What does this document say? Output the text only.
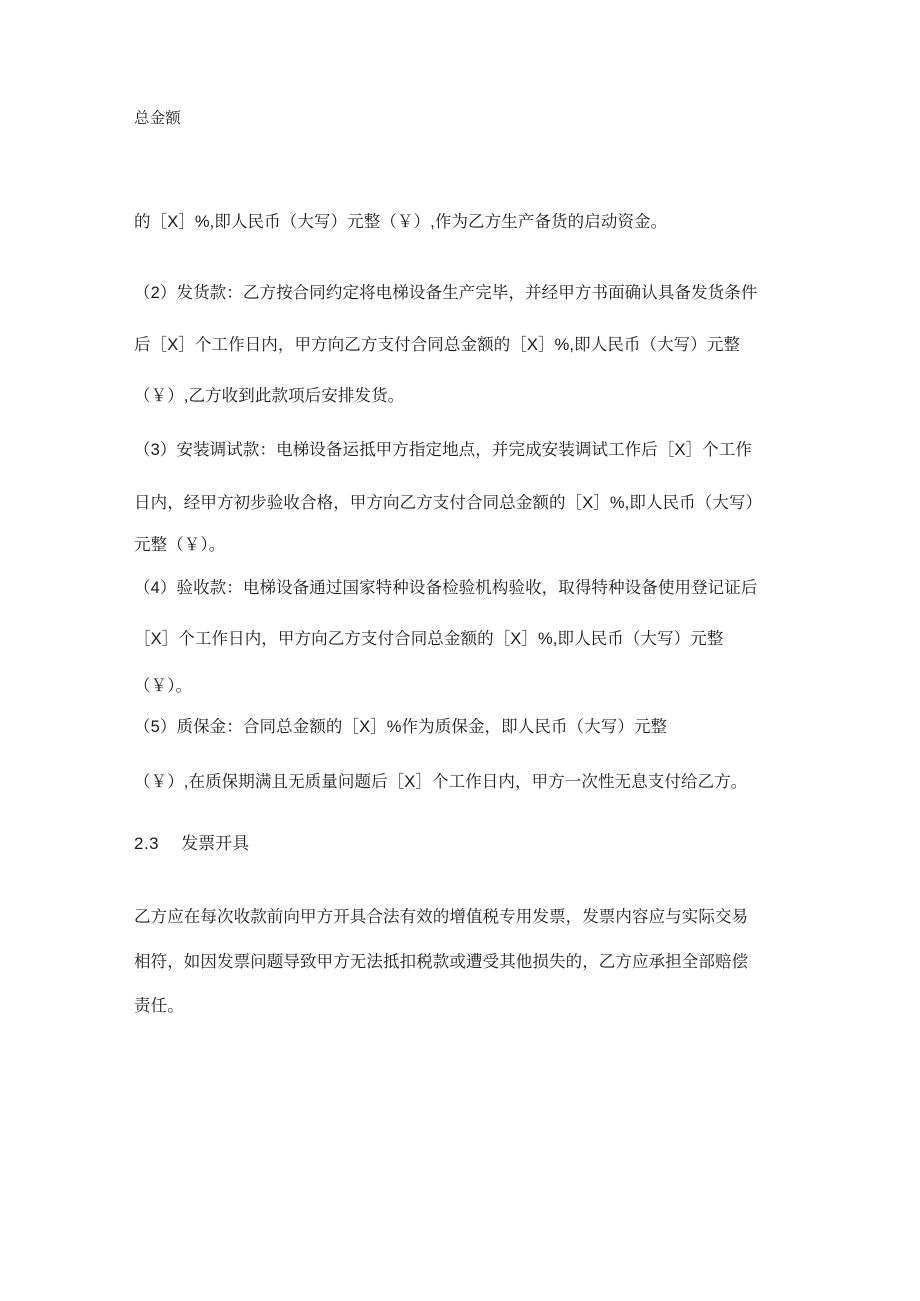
总金额
的［X］%,即人民币（大写）元整（￥）,作为乙方生产备货的启动资金。
（2）发货款：乙方按合同约定将电梯设备生产完毕，并经甲方书面确认具备发货条件
后［X］个工作日内，甲方向乙方支付合同总金额的［X］%,即人民币（大写）元整
（￥）,乙方收到此款项后安排发货。
（3）安装调试款：电梯设备运抵甲方指定地点，并完成安装调试工作后［X］个工作
日内，经甲方初步验收合格，甲方向乙方支付合同总金额的［X］%,即人民币（大写）
元整（￥）。
（4）验收款：电梯设备通过国家特种设备检验机构验收，取得特种设备使用登记证后
［X］个工作日内，甲方向乙方支付合同总金额的［X］%,即人民币（大写）元整
（￥）。
（5）质保金：合同总金额的［X］%作为质保金，即人民币（大写）元整
（￥）,在质保期满且无质量问题后［X］个工作日内，甲方一次性无息支付给乙方。
2.3 发票开具
乙方应在每次收款前向甲方开具合法有效的增值税专用发票，发票内容应与实际交易
相符，如因发票问题导致甲方无法抵扣税款或遭受其他损失的，乙方应承担全部赔偿
责任。
